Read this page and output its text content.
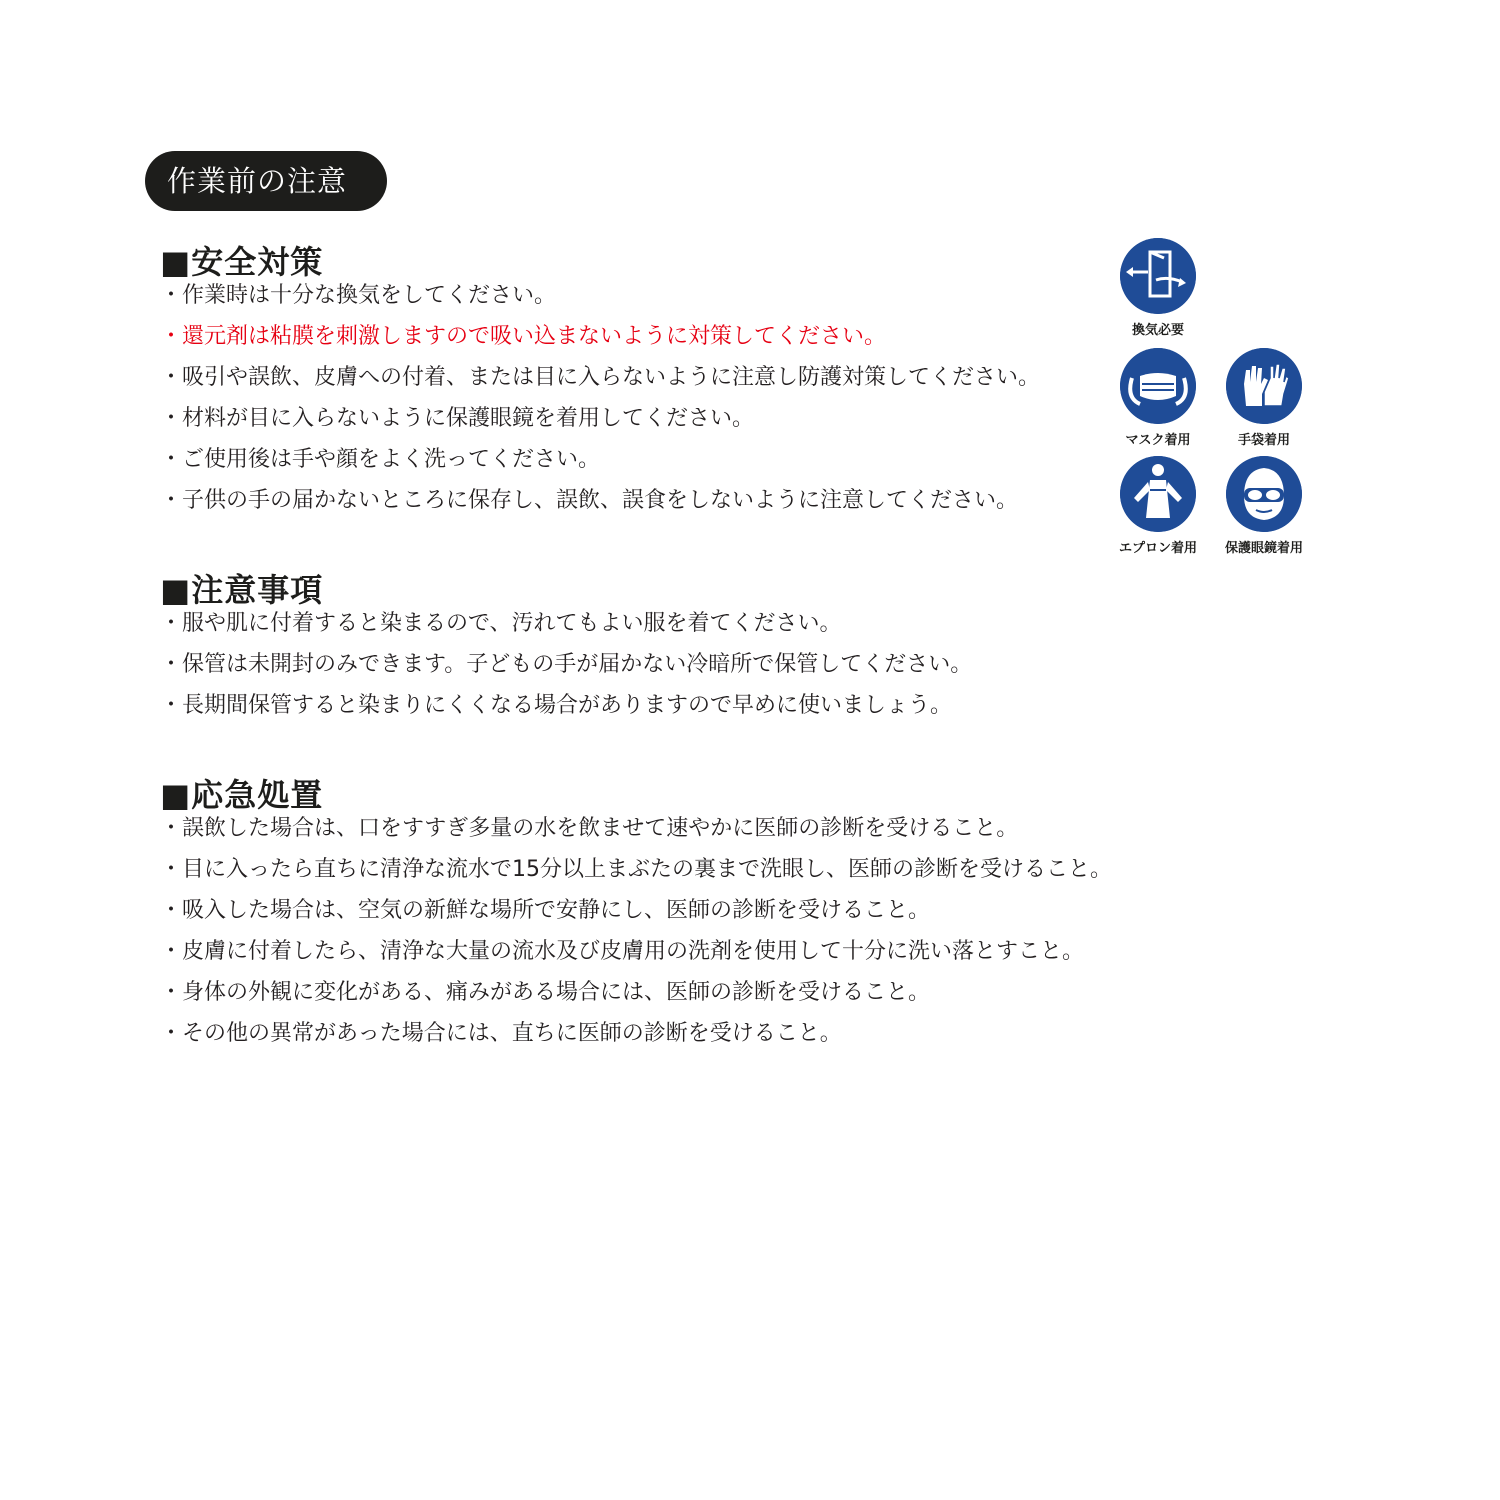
作業前の注意
■安全対策
・作業時は十分な換気をしてください。
・還元剤は粘膜を刺激しますので吸い込まないように対策してください。
・吸引や誤飲、皮膚への付着、または目に入らないように注意し防護対策してください。
・材料が目に入らないように保護眼鏡を着用してください。
・ご使用後は手や顔をよく洗ってください。
・子供の手の届かないところに保存し、誤飲、誤食をしないように注意してください。
■注意事項
・服や肌に付着すると染まるので、汚れてもよい服を着てください。
・保管は未開封のみできます。子どもの手が届かない冷暗所で保管してください。
・長期間保管すると染まりにくくなる場合がありますので早めに使いましょう。
■応急処置
・誤飲した場合は、口をすすぎ多量の水を飲ませて速やかに医師の診断を受けること。
・目に入ったら直ちに清浄な流水で15分以上まぶたの裏まで洗眼し、医師の診断を受けること。
・吸入した場合は、空気の新鮮な場所で安静にし、医師の診断を受けること。
・皮膚に付着したら、清浄な大量の流水及び皮膚用の洗剤を使用して十分に洗い落とすこと。
・身体の外観に変化がある、痛みがある場合には、医師の診断を受けること。
・その他の異常があった場合には、直ちに医師の診断を受けること。
換気必要
マスク着用	手袋着用
エプロン着用	保護眼鏡着用
